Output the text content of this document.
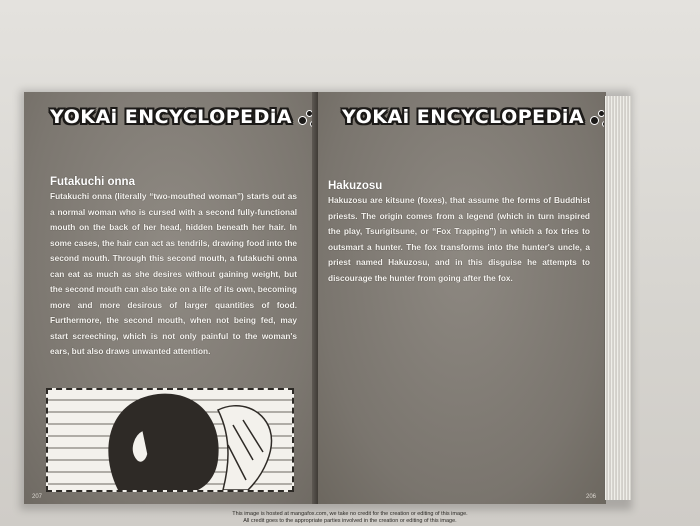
YOKAi ENCYCLOPEDiA
Futakuchi onna
Futakuchi onna (literally “two-mouthed woman”) starts out as a normal woman who is cursed with a second fully-functional mouth on the back of her head, hidden beneath her hair. In some cases, the hair can act as tendrils, drawing food into the second mouth. Through this second mouth, a futakuchi onna can eat as much as she desires without gaining weight, but the second mouth can also take on a life of its own, becoming more and more desirous of larger quantities of food. Furthermore, the second mouth, when not being fed, may start screeching, which is not only painful to the woman's ears, but also draws unwanted attention.
207
YOKAi ENCYCLOPEDiA
Hakuzosu
Hakuzosu are kitsune (foxes), that assume the forms of Buddhist priests. The origin comes from a legend (which in turn inspired the play, Tsurigitsune, or “Fox Trapping”) in which a fox tries to outsmart a hunter. The fox transforms into the hunter's uncle, a priest named Hakuzosu, and in this disguise he attempts to discourage the hunter from going after the fox.
206
This image is hosted at mangafox.com, we take no credit for the creation or editing of this image.
All credit goes to the appropriate parties involved in the creation or editing of this image.
